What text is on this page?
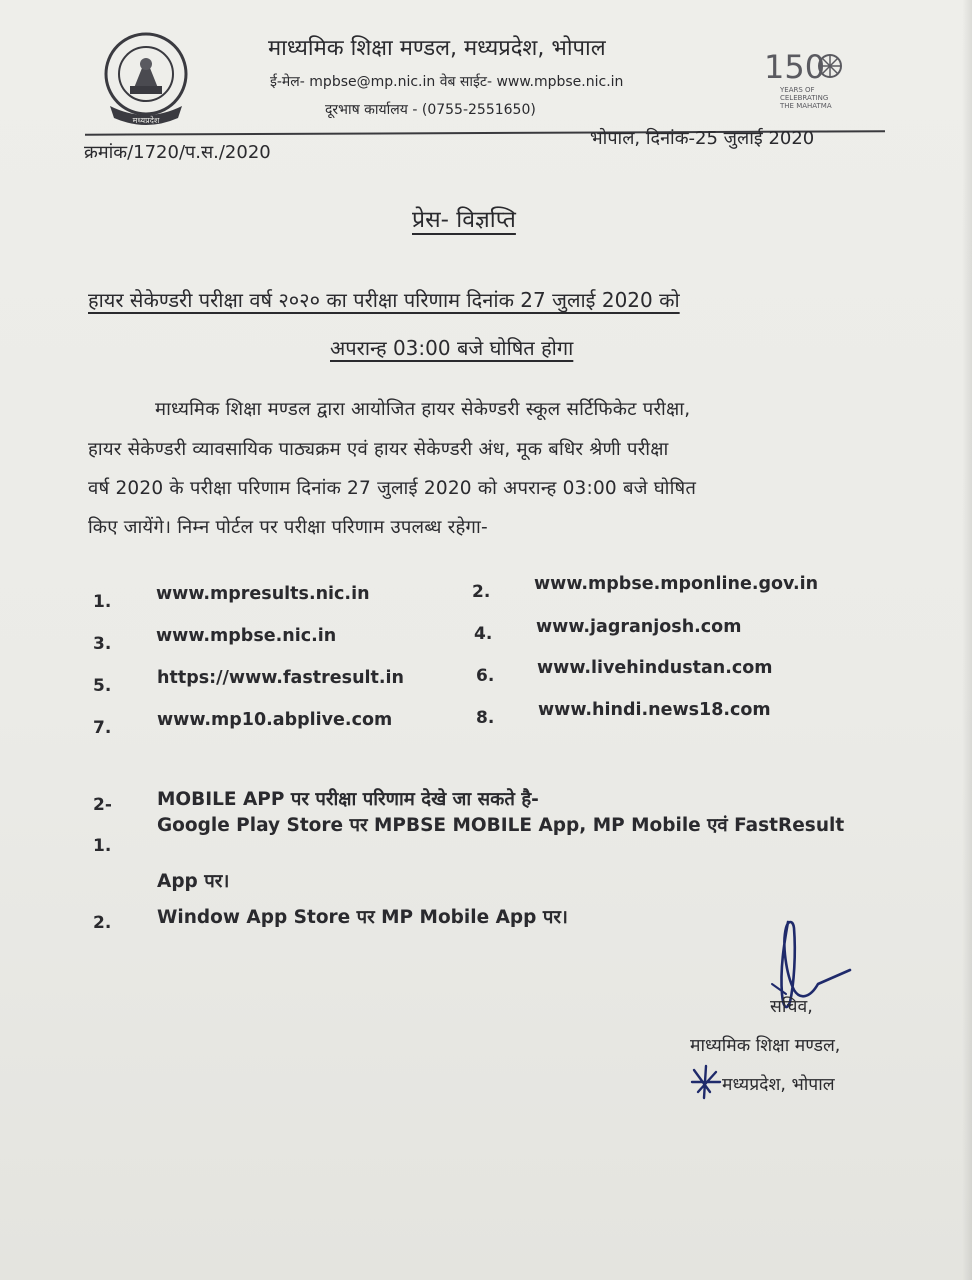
मध्यप्रदेश
माध्यमिक शिक्षा मण्डल, मध्यप्रदेश, भोपाल
ई-मेल- mpbse@mp.nic.in वेब साईट- www.mpbse.nic.in
दूरभाष कार्यालय - (0755-2551650)
150
YEARS OF
CELEBRATING
THE MAHATMA
क्रमांक/1720/प.स./2020
भोपाल, दिनांक-25 जुलाई 2020
प्रेस- विज्ञप्ति
हायर सेकेण्डरी परीक्षा वर्ष २०२० का परीक्षा परिणाम दिनांक 27 जुलाई 2020 को
अपरान्ह 03:00 बजे घोषित होगा
माध्यमिक शिक्षा मण्डल द्वारा आयोजित हायर सेकेण्डरी स्कूल सर्टिफिकेट परीक्षा,
हायर सेकेण्डरी व्यावसायिक पाठ्यक्रम एवं हायर सेकेण्डरी अंध, मूक बधिर श्रेणी परीक्षा
वर्ष 2020 के परीक्षा परिणाम दिनांक 27 जुलाई 2020 को अपरान्ह 03:00 बजे घोषित
किए जायेंगे। निम्न पोर्टल पर परीक्षा परिणाम उपलब्ध रहेगा-
1.	www.mpresults.nic.in	2. www.mpbse.mponline.gov.in
3.	www.mpbse.nic.in	4. www.jagranjosh.com
5.	https://www.fastresult.in	6. www.livehindustan.com
7.	www.mp10.abplive.com	8. www.hindi.news18.com
2- MOBILE APP पर परीक्षा परिणाम देखे जा सकते है-
1.
Google Play Store पर MPBSE MOBILE App, MP Mobile एवं FastResult
App पर।
2. Window App Store पर MP Mobile App पर।
सचिव,
माध्यमिक शिक्षा मण्डल,
मध्यप्रदेश, भोपाल
